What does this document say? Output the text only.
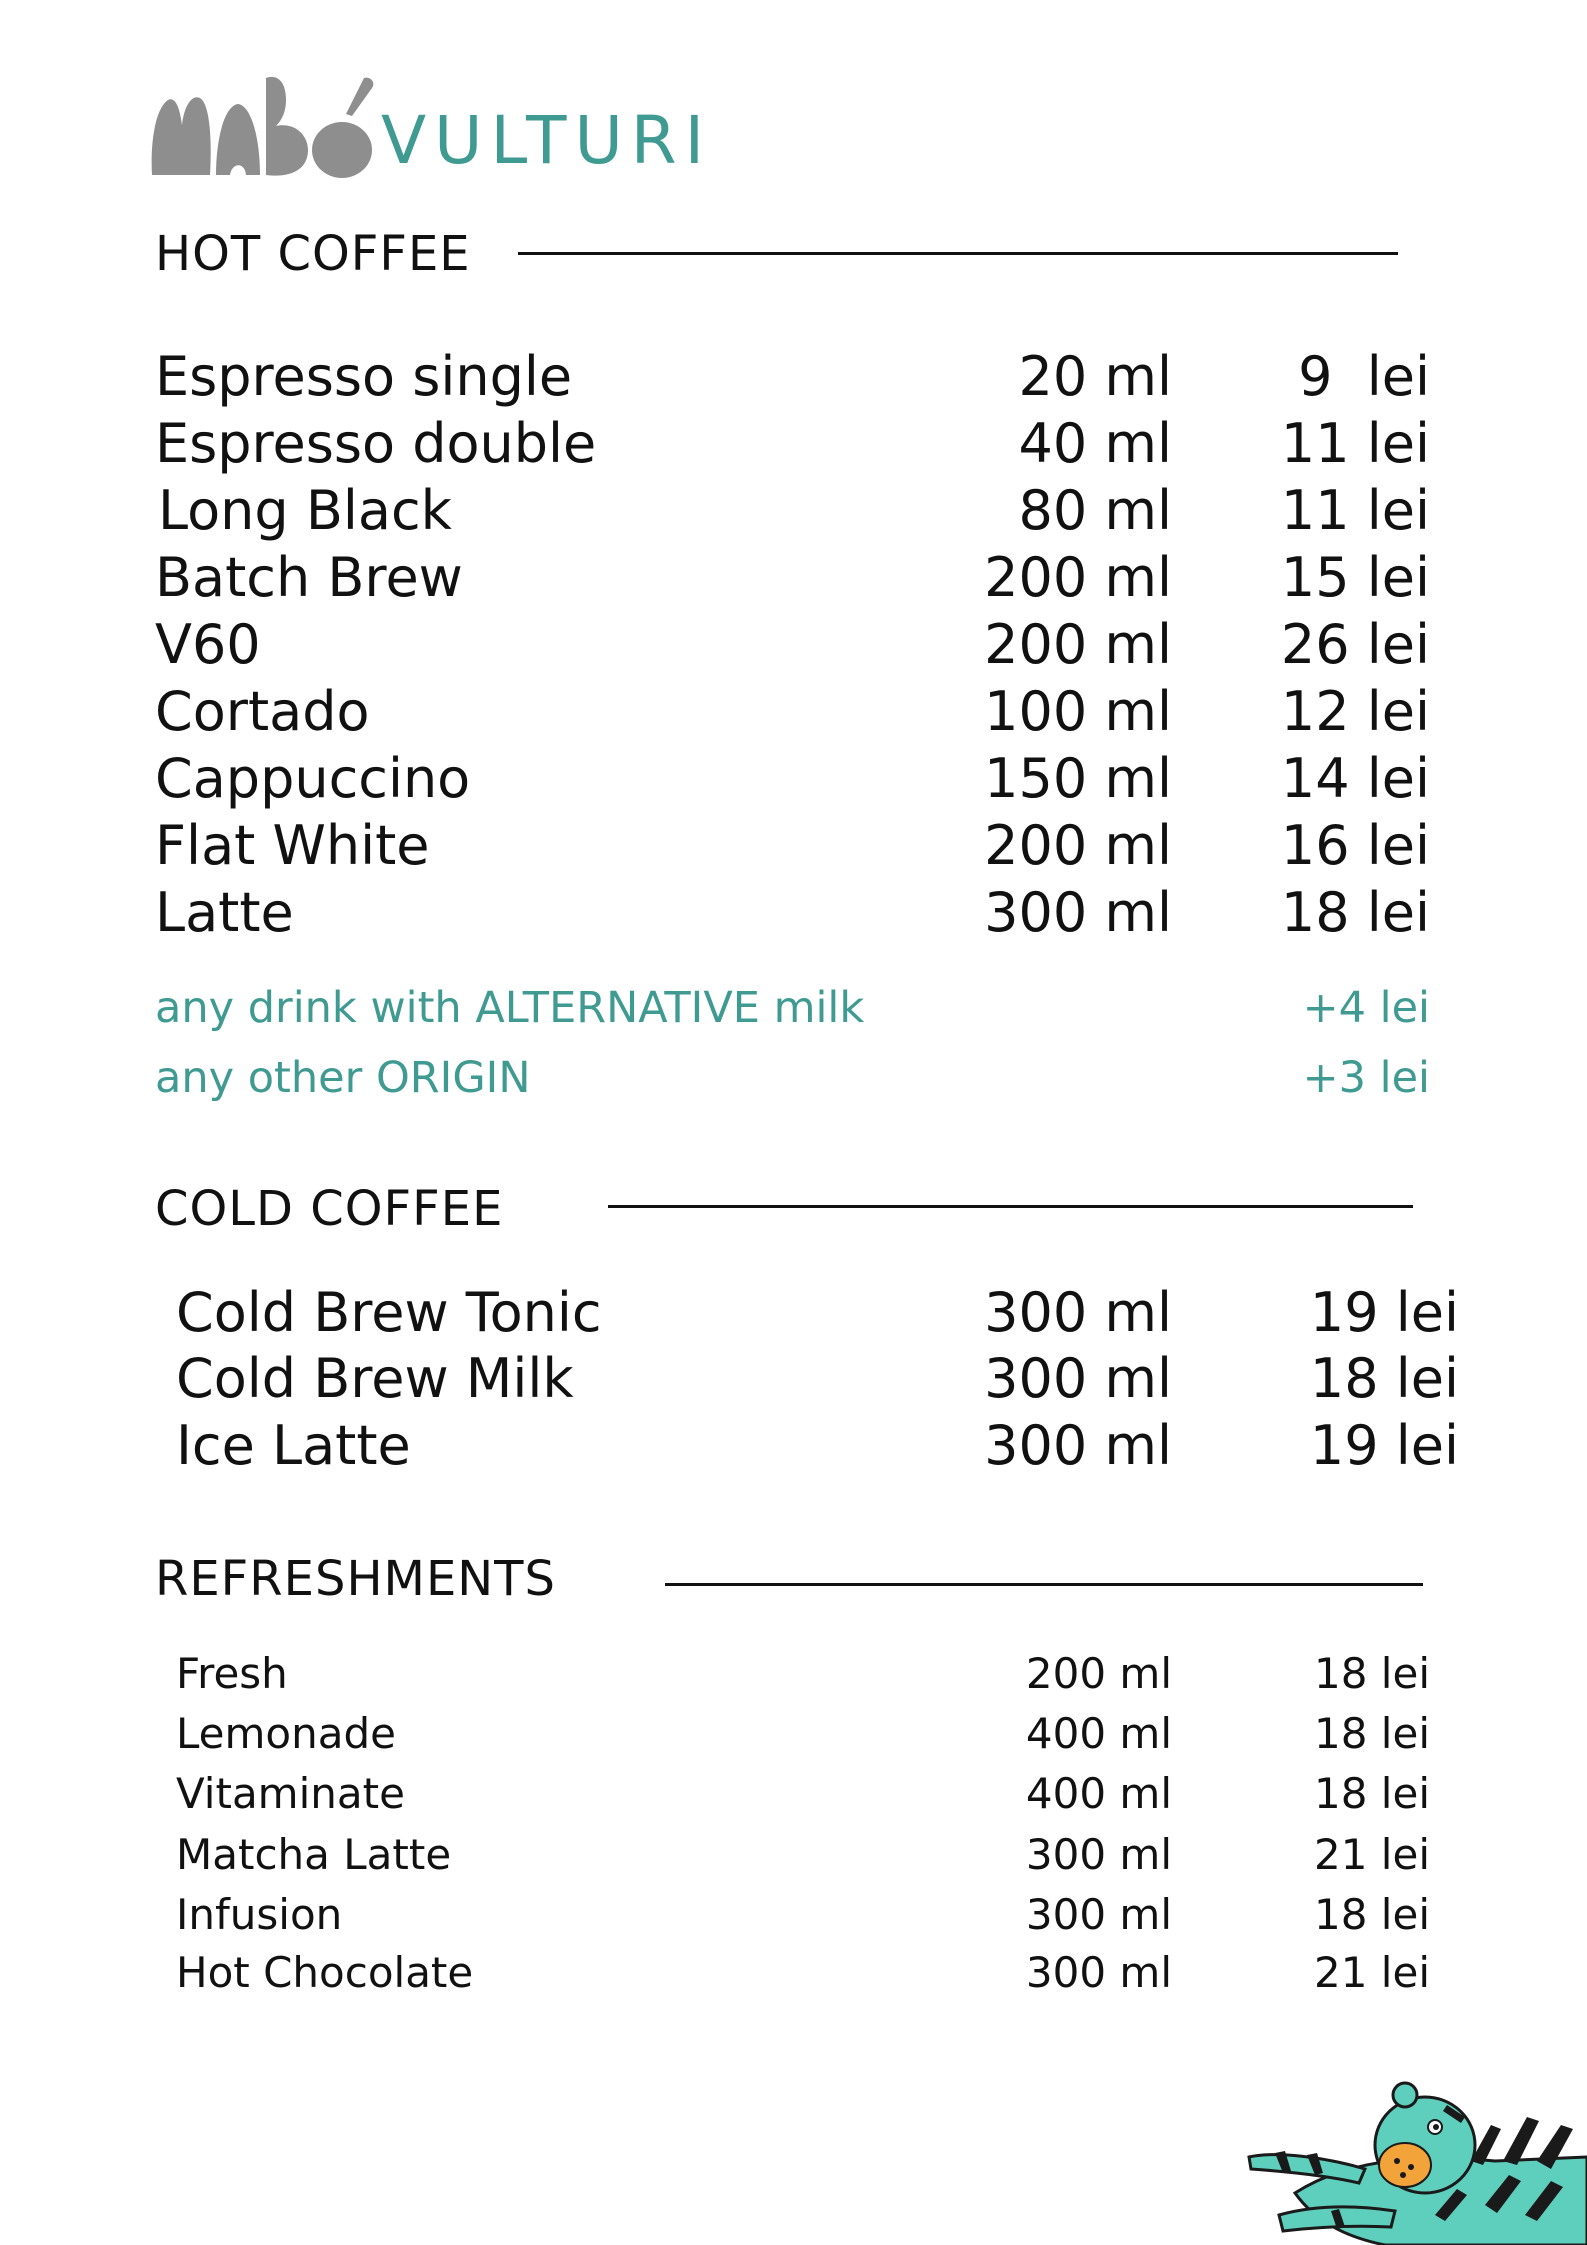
VULTURI
HOT COFFEE
Espresso single	20 ml 9  lei
Espresso double	40 ml 11 lei
Long Black	80 ml 11 lei
Batch Brew	200 ml 15 lei
V60	200 ml 26 lei
Cortado	100 ml 12 lei
Cappuccino	150 ml 14 lei
Flat White	200 ml 16 lei
Latte	300 ml 18 lei
any drink with ALTERNATIVE milk	+4 lei
any other ORIGIN	+3 lei
COLD COFFEE
Cold Brew Tonic	300 ml	19 lei
Cold Brew Milk	300 ml	18 lei
Ice Latte	300 ml	19 lei
REFRESHMENTS
Fresh	200 ml	18 lei
Lemonade	400 ml	18 lei
Vitaminate	400 ml	18 lei
Matcha Latte	300 ml	21 lei
Infusion	300 ml	18 lei
Hot Chocolate	300 ml	21 lei
